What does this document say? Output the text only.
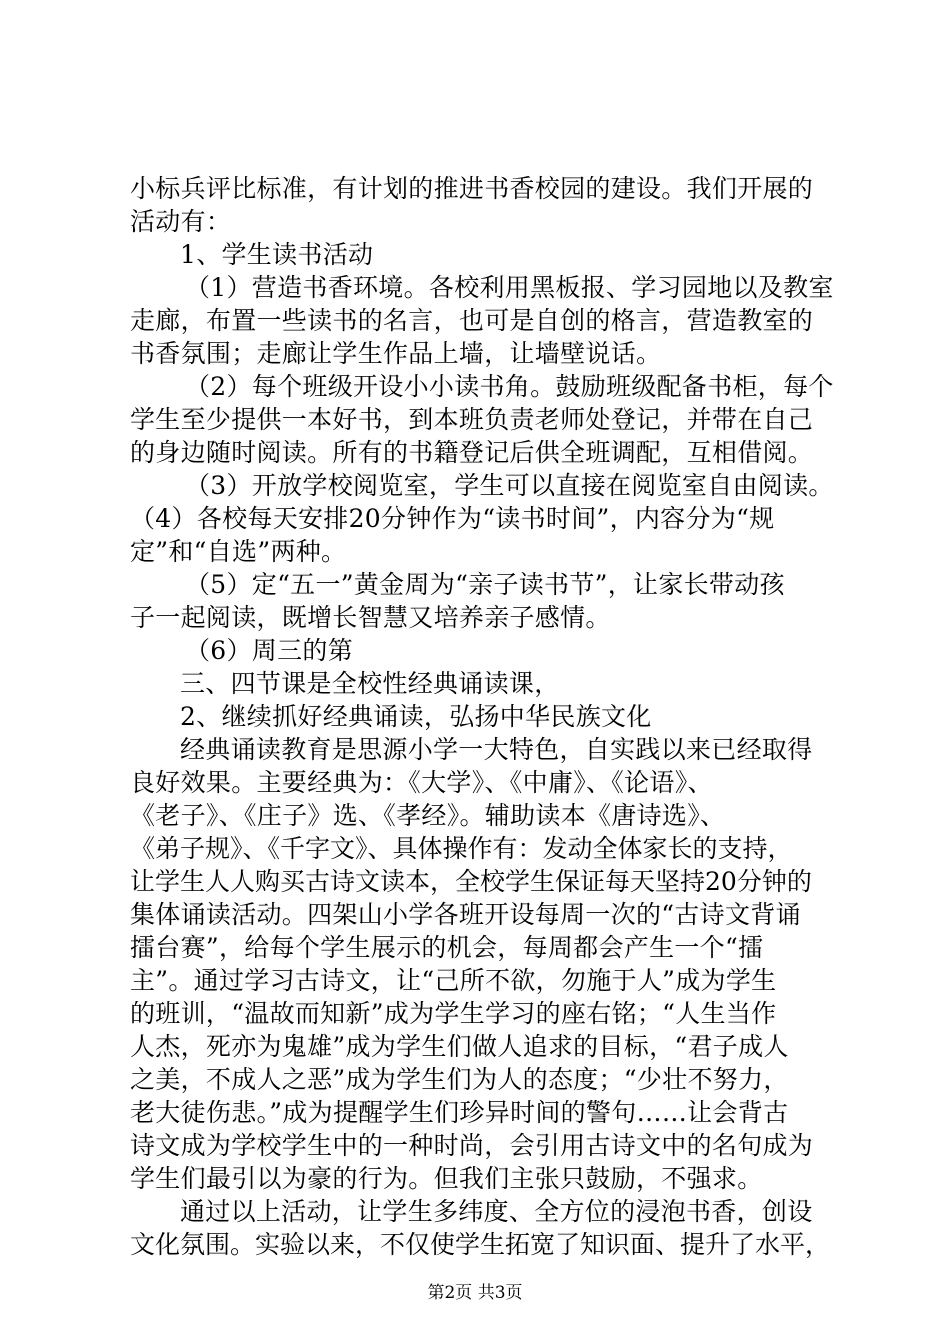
小标兵评比标准，有计划的推进书香校园的建设。我们开展的
活动有：
1、学生读书活动
（1）营造书香环境。各校利用黑板报、学习园地以及教室
走廊，布置一些读书的名言，也可是自创的格言，营造教室的
书香氛围；走廊让学生作品上墙，让墙壁说话。
（2）每个班级开设小小读书角。鼓励班级配备书柜，每个
学生至少提供一本好书，到本班负责老师处登记，并带在自己
的身边随时阅读。所有的书籍登记后供全班调配，互相借阅。
（3）开放学校阅览室，学生可以直接在阅览室自由阅读。
（4）各校每天安排20分钟作为“读书时间”，内容分为“规
定”和“自选”两种。
（5）定“五一”黄金周为“亲子读书节”，让家长带动孩
子一起阅读，既增长智慧又培养亲子感情。
（6）周三的第
三、四节课是全校性经典诵读课，
2、继续抓好经典诵读，弘扬中华民族文化
经典诵读教育是思源小学一大特色，自实践以来已经取得
良好效果。主要经典为：《大学》、《中庸》、《论语》、
《老子》、《庄子》选、《孝经》。辅助读本《唐诗选》、
《弟子规》、《千字文》、具体操作有：发动全体家长的支持，
让学生人人购买古诗文读本，全校学生保证每天坚持20分钟的
集体诵读活动。四架山小学各班开设每周一次的“古诗文背诵
擂台赛”，给每个学生展示的机会，每周都会产生一个“擂
主”。通过学习古诗文，让“己所不欲，勿施于人”成为学生
的班训，“温故而知新”成为学生学习的座右铭；“人生当作
人杰，死亦为鬼雄”成为学生们做人追求的目标，“君子成人
之美，不成人之恶”成为学生们为人的态度；“少壮不努力，
老大徒伤悲。”成为提醒学生们珍异时间的警句……让会背古
诗文成为学校学生中的一种时尚，会引用古诗文中的名句成为
学生们最引以为豪的行为。但我们主张只鼓励，不强求。
通过以上活动，让学生多纬度、全方位的浸泡书香，创设
文化氛围。实验以来，不仅使学生拓宽了知识面、提升了水平，
第2页 共3页
